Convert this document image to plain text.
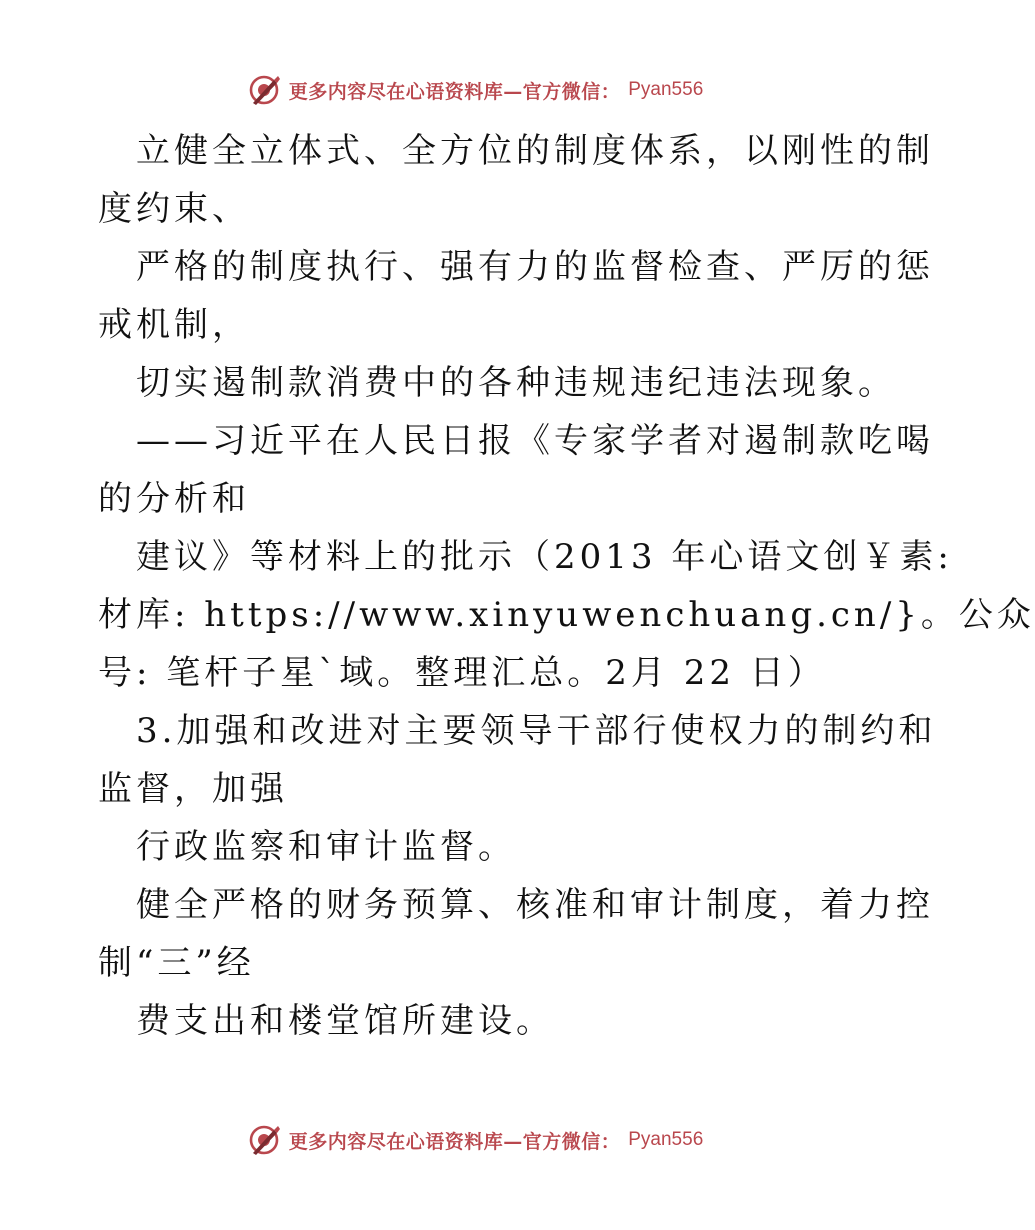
更多内容尽在心语资料库—官方微信： Pyan556
立健全立体式、全方位的制度体系，以刚性的制
度约束、
严格的制度执行、强有力的监督检查、严厉的惩
戒机制，
切实遏制款消费中的各种违规违纪违法现象。
——习近平在人民日报《专家学者对遏制款吃喝
的分析和
建议》等材料上的批示（2013 年心语文创￥素:
材库: https://www.xinyuwenchuang.cn/}。公众
号: 笔杆子星`域。整理汇总。2月 22 日）
3.加强和改进对主要领导干部行使权力的制约和
监督，加强
行政监察和审计监督。
健全严格的财务预算、核准和审计制度，着力控
制“三”经
费支出和楼堂馆所建设。
更多内容尽在心语资料库—官方微信： Pyan556
